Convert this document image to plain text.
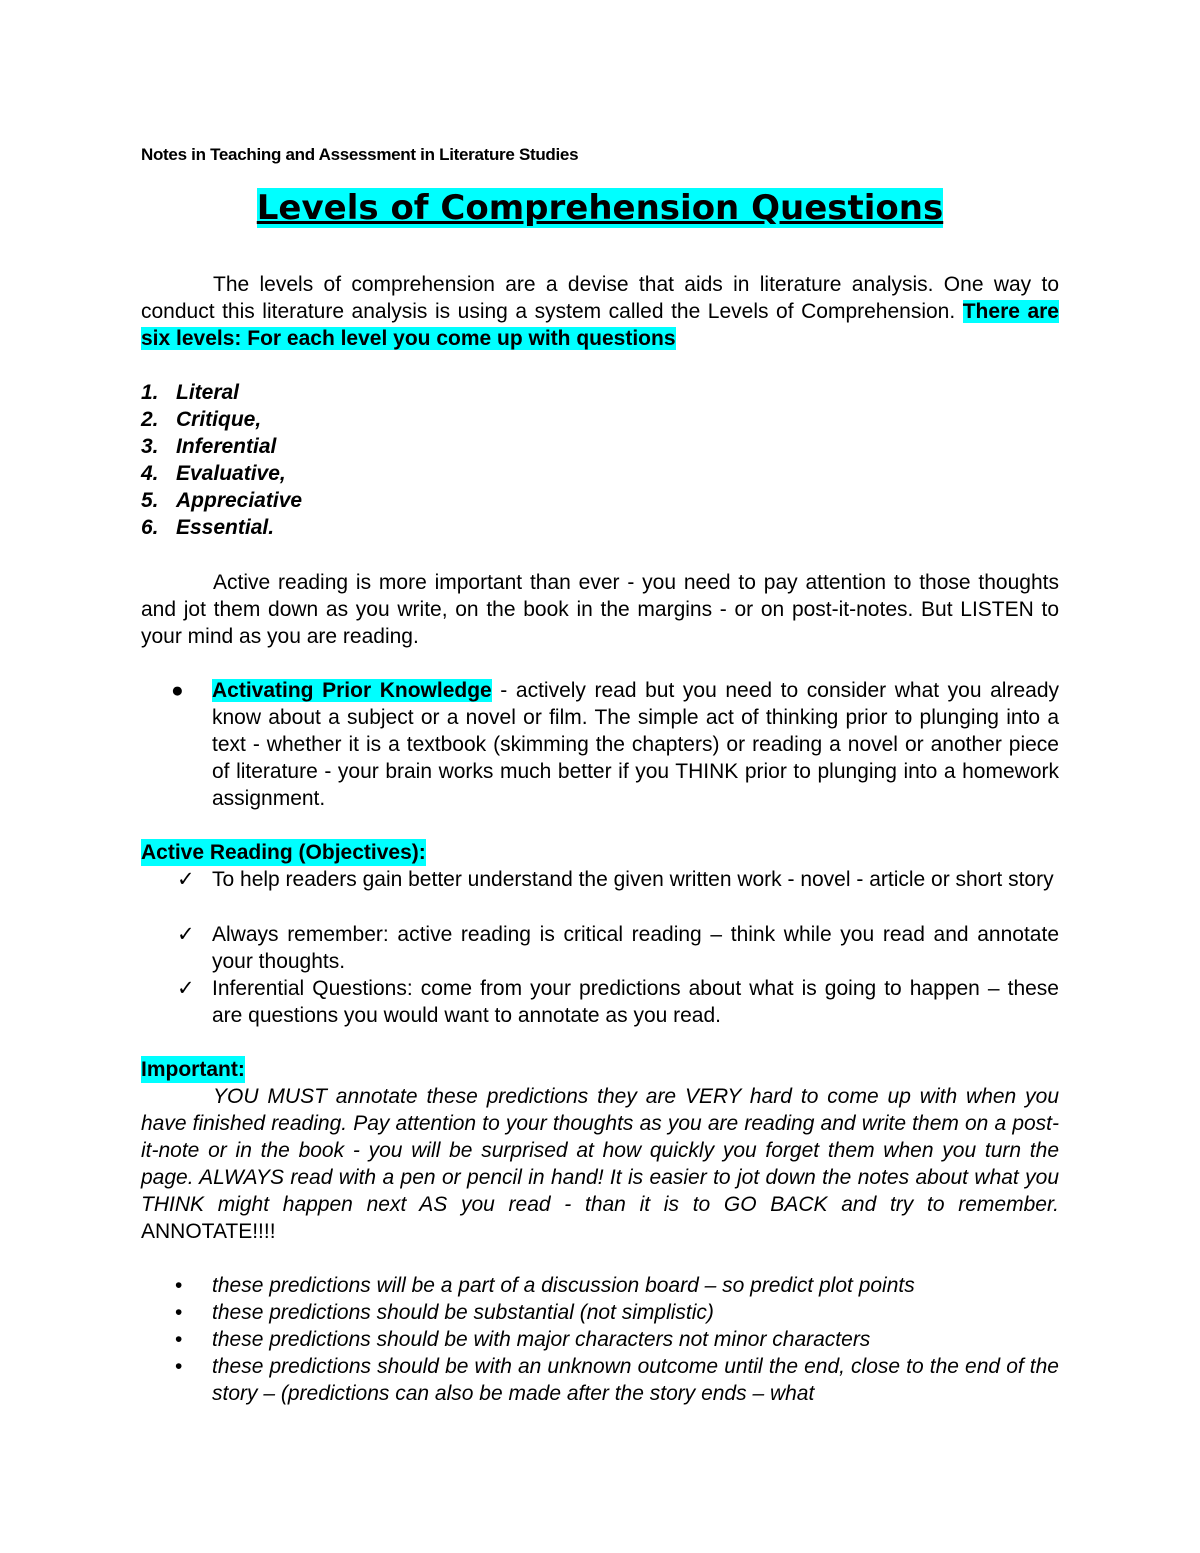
Notes in Teaching and Assessment in Literature Studies
Levels of Comprehension Questions
The levels of comprehension are a devise that aids in literature analysis. One way to conduct this literature analysis is using a system called the Levels of Comprehension. There are six levels: For each level you come up with questions
1. Literal
2. Critique,
3. Inferential
4. Evaluative,
5. Appreciative
6. Essential.
Active reading is more important than ever - you need to pay attention to those thoughts and jot them down as you write, on the book in the margins - or on post-it-notes. But LISTEN to your mind as you are reading.
● Activating Prior Knowledge - actively read but you need to consider what you already know about a subject or a novel or film. The simple act of thinking prior to plunging into a text - whether it is a textbook (skimming the chapters) or reading a novel or another piece of literature - your brain works much better if you THINK prior to plunging into a homework assignment.
Active Reading (Objectives):
✓ To help readers gain better understand the given written work - novel - article or short story
✓ Always remember: active reading is critical reading – think while you read and annotate your thoughts.
✓ Inferential Questions: come from your predictions about what is going to happen – these are questions you would want to annotate as you read.
Important:
YOU MUST annotate these predictions they are VERY hard to come up with when you have finished reading. Pay attention to your thoughts as you are reading and write them on a post-it-note or in the book - you will be surprised at how quickly you forget them when you turn the page. ALWAYS read with a pen or pencil in hand! It is easier to jot down the notes about what you THINK might happen next AS you read - than it is to GO BACK and try to remember. ANNOTATE!!!!
• these predictions will be a part of a discussion board – so predict plot points
• these predictions should be substantial (not simplistic)
• these predictions should be with major characters not minor characters
• these predictions should be with an unknown outcome until the end, close to the end of the story – (predictions can also be made after the story ends – what
